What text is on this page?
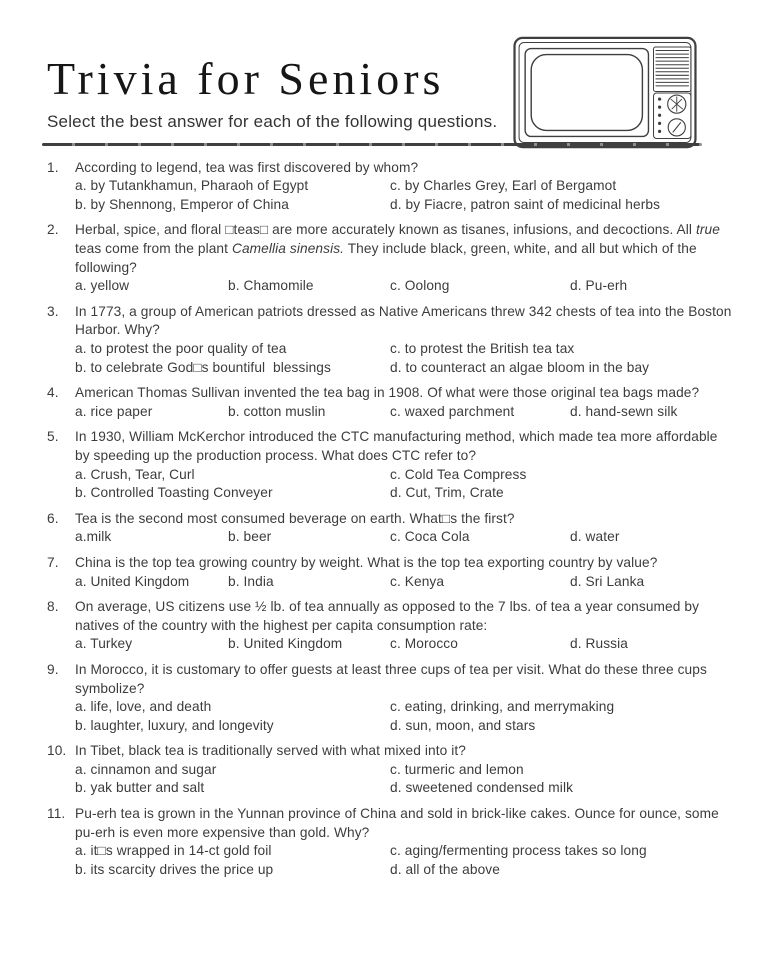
Trivia for Seniors

Select the best answer for each of the following questions.

1.	According to legend, tea was first discovered by whom?

a. by Tutankhamun, Pharaoh of Egypt	c. by Charles Grey, Earl of Bergamot
b. by Shennong, Emperor of China	d. by Fiacre, patron saint of medicinal herbs
2.	Herbal, spice, and floral □teas□ are more accurately known as tisanes, infusions, and decoctions. All true teas come from the plant Camellia sinensis. They include black, green, white, and all but which of the following?

a. yellow	b. Chamomile	c. Oolong	d. Pu-erh
3.	In 1773, a group of American patriots dressed as Native Americans threw 342 chests of tea into the Boston Harbor. Why?

a. to protest the poor quality of tea	c. to protest the British tea tax
b. to celebrate God□s bountiful  blessings	d. to counteract an algae bloom in the bay
4.	American Thomas Sullivan invented the tea bag in 1908. Of what were those original tea bags made?

a. rice paper	b. cotton muslin	c. waxed parchment	d. hand-sewn silk
5.	In 1930, William McKerchor introduced the CTC manufacturing method, which made tea more affordable by speeding up the production process. What does CTC refer to?

a. Crush, Tear, Curl	c. Cold Tea Compress
b. Controlled Toasting Conveyer	d. Cut, Trim, Crate
6.	Tea is the second most consumed beverage on earth. What□s the first?

a.milk	b. beer	c. Coca Cola	d. water
7.	China is the top tea growing country by weight. What is the top tea exporting country by value?

a. United Kingdom	b. India	c. Kenya	d. Sri Lanka
8.	On average, US citizens use ½ lb. of tea annually as opposed to the 7 lbs. of tea a year consumed by natives of the country with the highest per capita consumption rate:

a. Turkey	b. United Kingdom	c. Morocco	d. Russia
9.	In Morocco, it is customary to offer guests at least three cups of tea per visit. What do these three cups symbolize?

a. life, love, and death	c. eating, drinking, and merrymaking
b. laughter, luxury, and longevity	d. sun, moon, and stars
10. In Tibet, black tea is traditionally served with what mixed into it?

a. cinnamon and sugar	c. turmeric and lemon
b. yak butter and salt	d. sweetened condensed milk
11. Pu-erh tea is grown in the Yunnan province of China and sold in brick-like cakes. Ounce for ounce, some pu-erh is even more expensive than gold. Why?

a. it□s wrapped in 14-ct gold foil	c. aging/fermenting process takes so long
b. its scarcity drives the price up	d. all of the above
